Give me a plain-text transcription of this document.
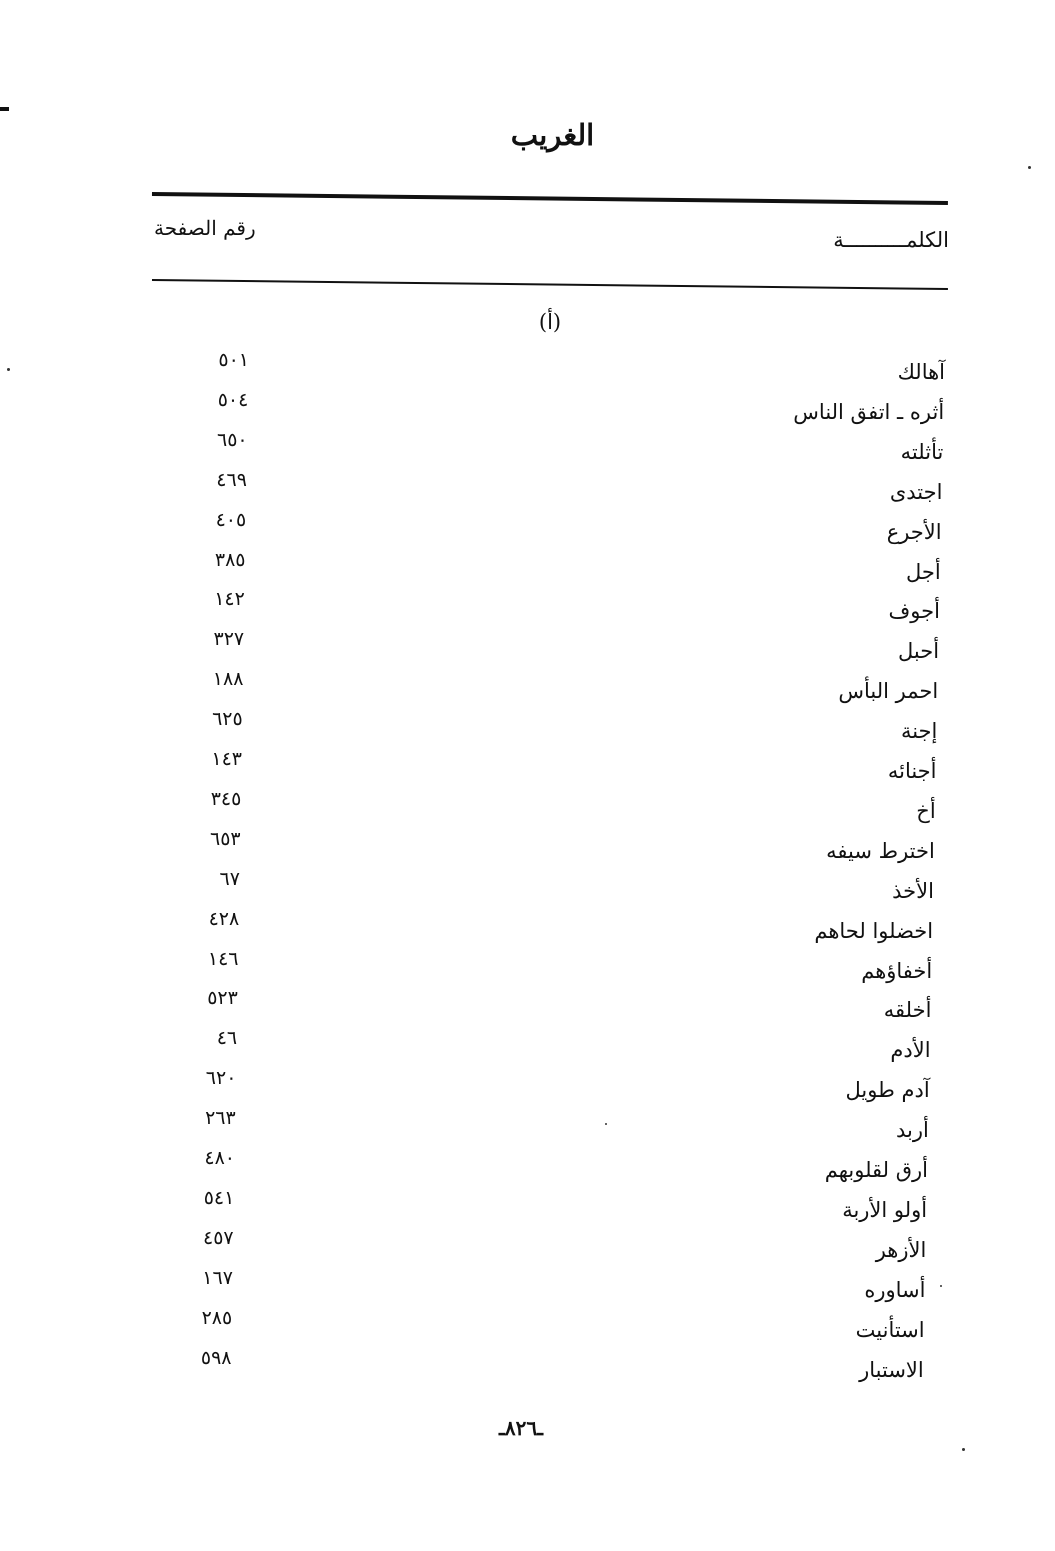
الغريب
رقم الصفحة	الكلمــــــــــة
(أ)
آهالك
٥٠١
أثره ـ اتفق الناس
٥٠٤
تأثلته
٦٥٠
اجتدى
٤٦٩
الأجرع
٤٠٥
أجل
٣٨٥
أجوف
١٤٢
أحبل
٣٢٧
احمر البأس
١٨٨
إجنة
٦٢٥
أجنائه
١٤٣
أخ
٣٤٥
اخترط سيفه
٦٥٣
الأخذ
٦٧
اخضلوا لحاهم
٤٢٨
أخفاؤهم
١٤٦
أخلقه
٥٢٣
الأدم
٤٦
آدم طويل
٦٢٠
أربد
٢٦٣
أرق لقلوبهم
٤٨٠
أولو الأربة
٥٤١
الأزهر
٤٥٧
أساوره
١٦٧
استأنيت
٢٨٥
الاستبار
٥٩٨
ـ٨٢٦ـ
